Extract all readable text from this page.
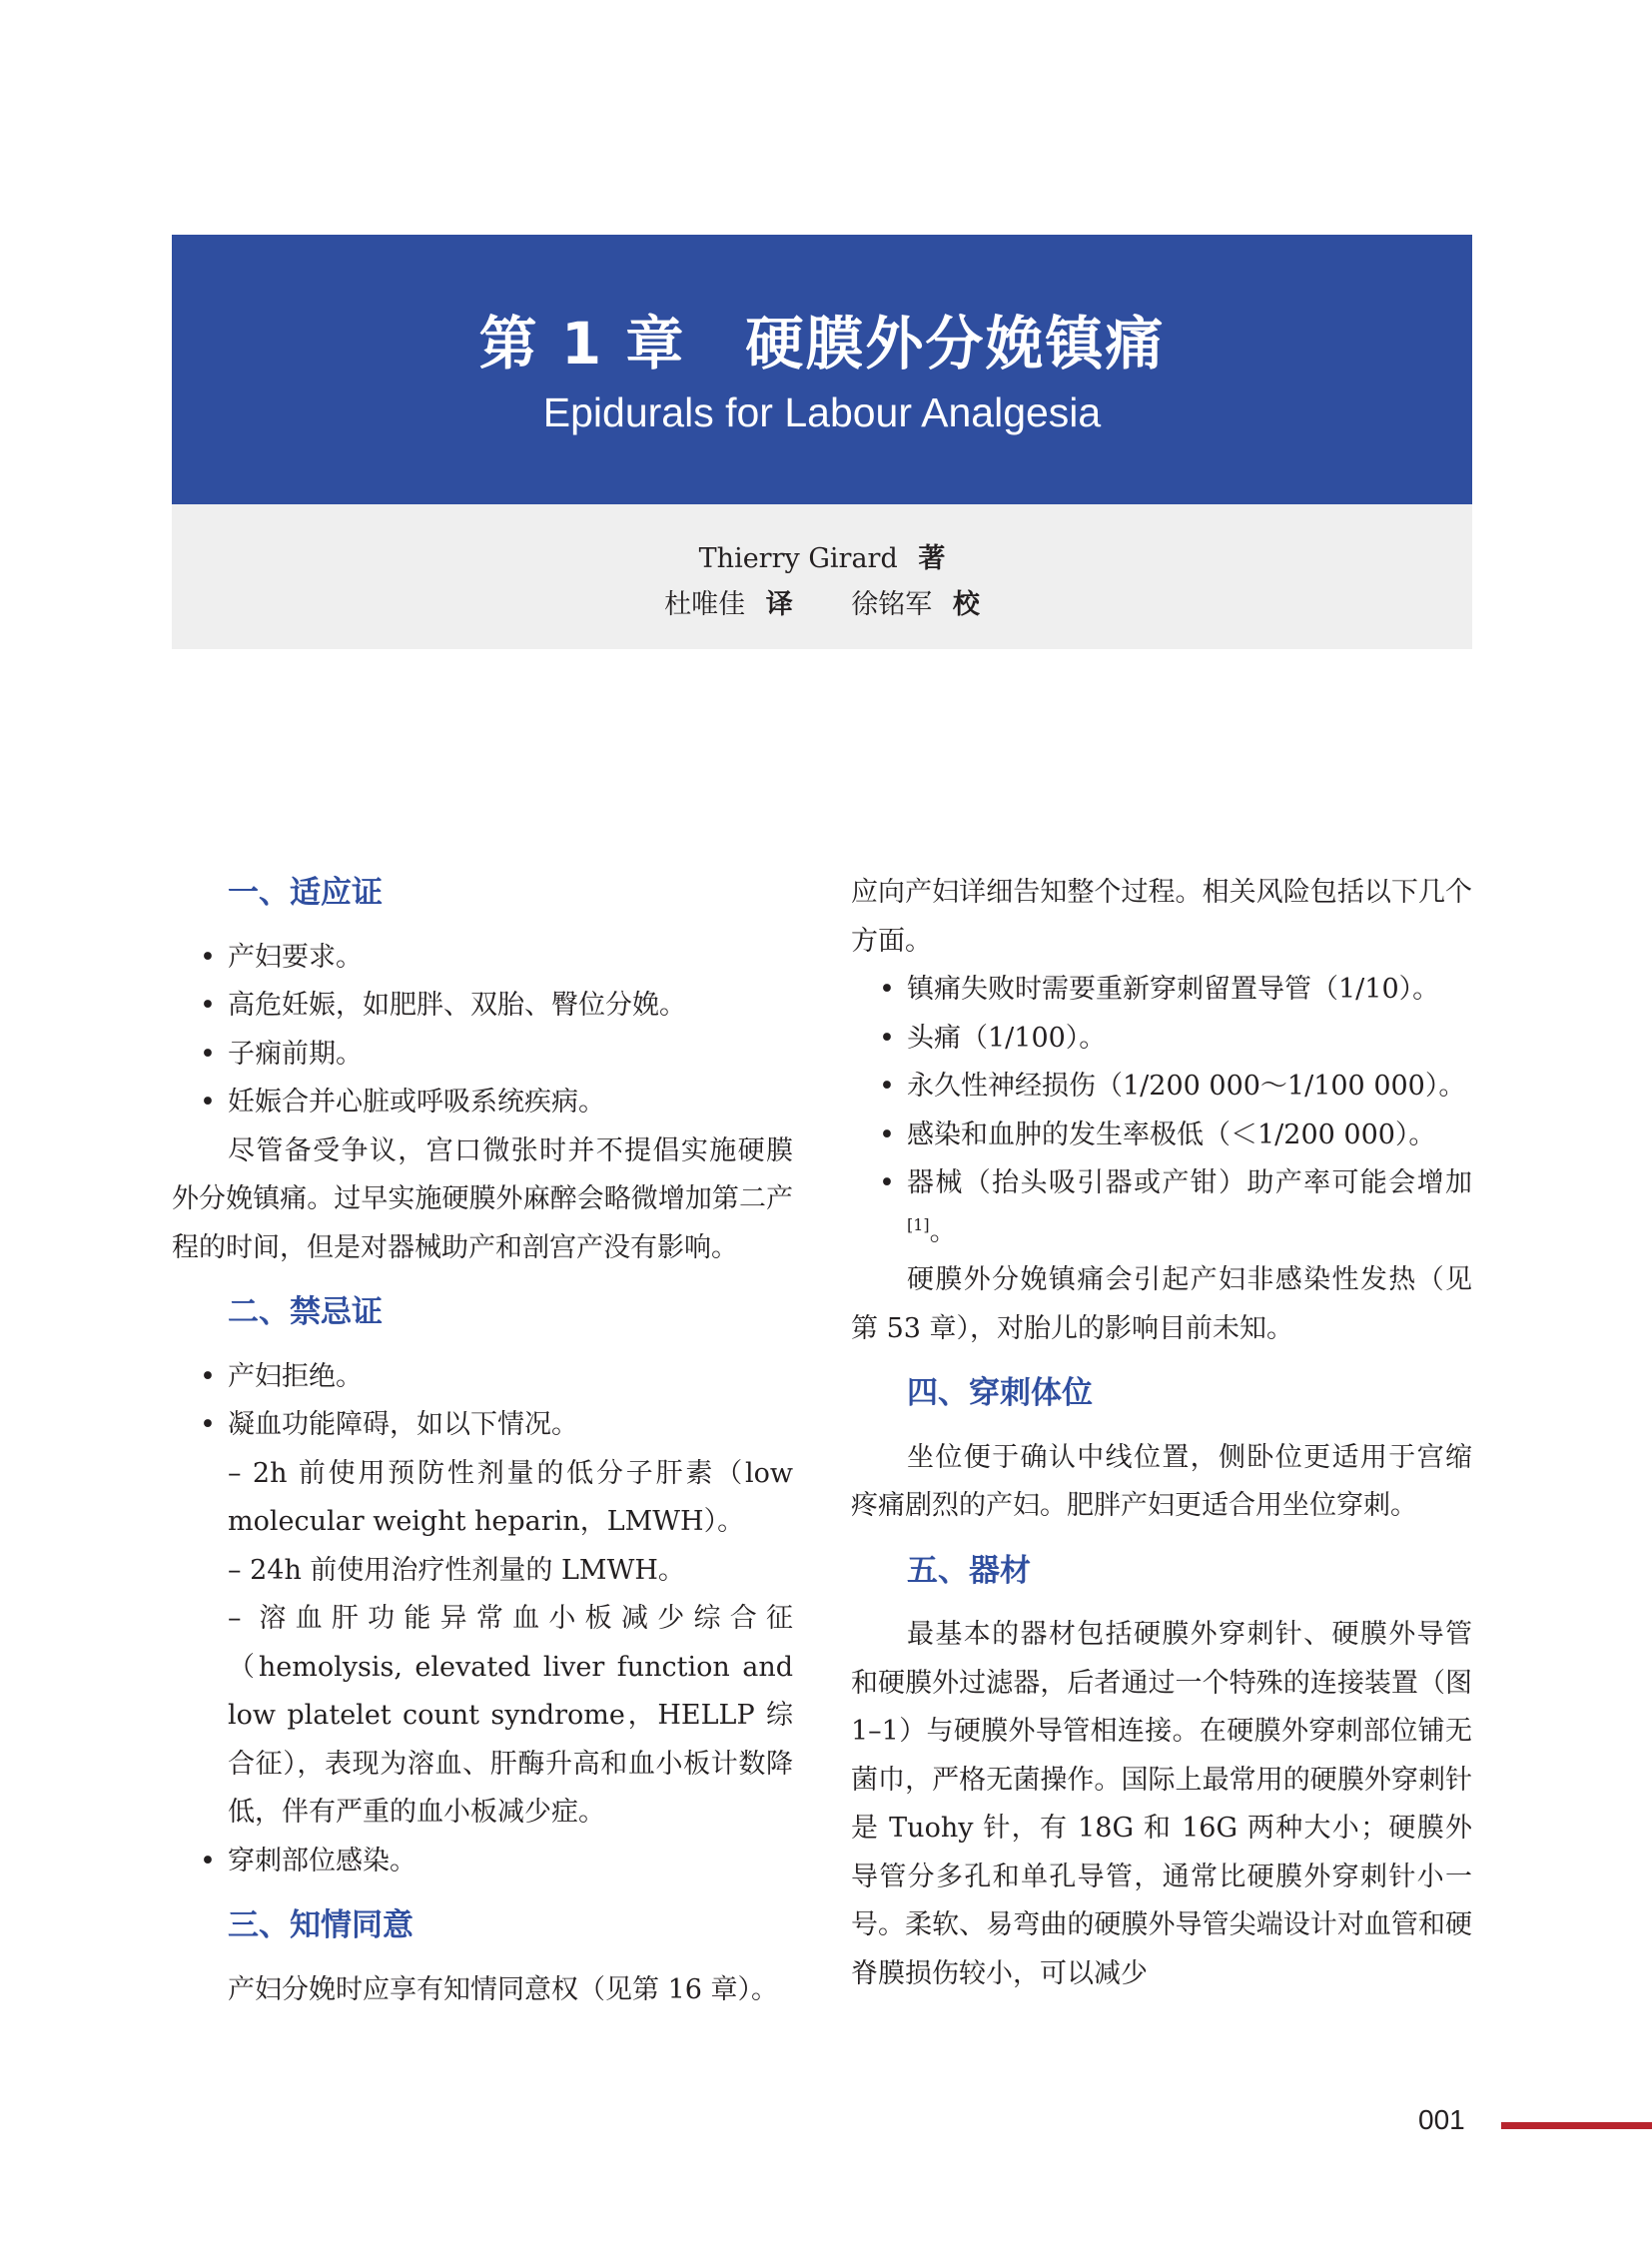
第 1 章　硬膜外分娩镇痛
Epidurals for Labour Analgesia
Thierry Girard 著
杜唯佳 译 徐铭军 校
一、适应证
• 产妇要求。
• 高危妊娠，如肥胖、双胎、臀位分娩。
• 子痫前期。
• 妊娠合并心脏或呼吸系统疾病。

尽管备受争议，宫口微张时并不提倡实施硬膜外分娩镇痛。过早实施硬膜外麻醉会略微增加第二产程的时间，但是对器械助产和剖宫产没有影响。

二、禁忌证
• 产妇拒绝。
• 凝血功能障碍，如以下情况。
– 2h 前使用预防性剂量的低分子肝素（low molecular weight heparin，LMWH）。
– 24h 前使用治疗性剂量的 LMWH。
– 溶血肝功能异常血小板减少综合征（hemolysis, elevated liver function and low platelet count syndrome，HELLP 综合征），表现为溶血、肝酶升高和血小板计数降低，伴有严重的血小板减少症。
• 穿刺部位感染。
三、知情同意

产妇分娩时应享有知情同意权（见第 16 章）。

应向产妇详细告知整个过程。相关风险包括以下几个方面。

• 镇痛失败时需要重新穿刺留置导管（1/10）。
• 头痛（1/100）。
• 永久性神经损伤（1/200 000～1/100 000）。
• 感染和血肿的发生率极低（＜1/200 000）。
• 器械（抬头吸引器或产钳）助产率可能会增加[1]。

硬膜外分娩镇痛会引起产妇非感染性发热（见第 53 章），对胎儿的影响目前未知。

四、穿刺体位

坐位便于确认中线位置，侧卧位更适用于宫缩疼痛剧烈的产妇。肥胖产妇更适合用坐位穿刺。

五、器材

最基本的器材包括硬膜外穿刺针、硬膜外导管和硬膜外过滤器，后者通过一个特殊的连接装置（图 1–1）与硬膜外导管相连接。在硬膜外穿刺部位铺无菌巾，严格无菌操作。国际上最常用的硬膜外穿刺针是 Tuohy 针，有 18G 和 16G 两种大小；硬膜外导管分多孔和单孔导管，通常比硬膜外穿刺针小一号。柔软、易弯曲的硬膜外导管尖端设计对血管和硬脊膜损伤较小，可以减少

001
